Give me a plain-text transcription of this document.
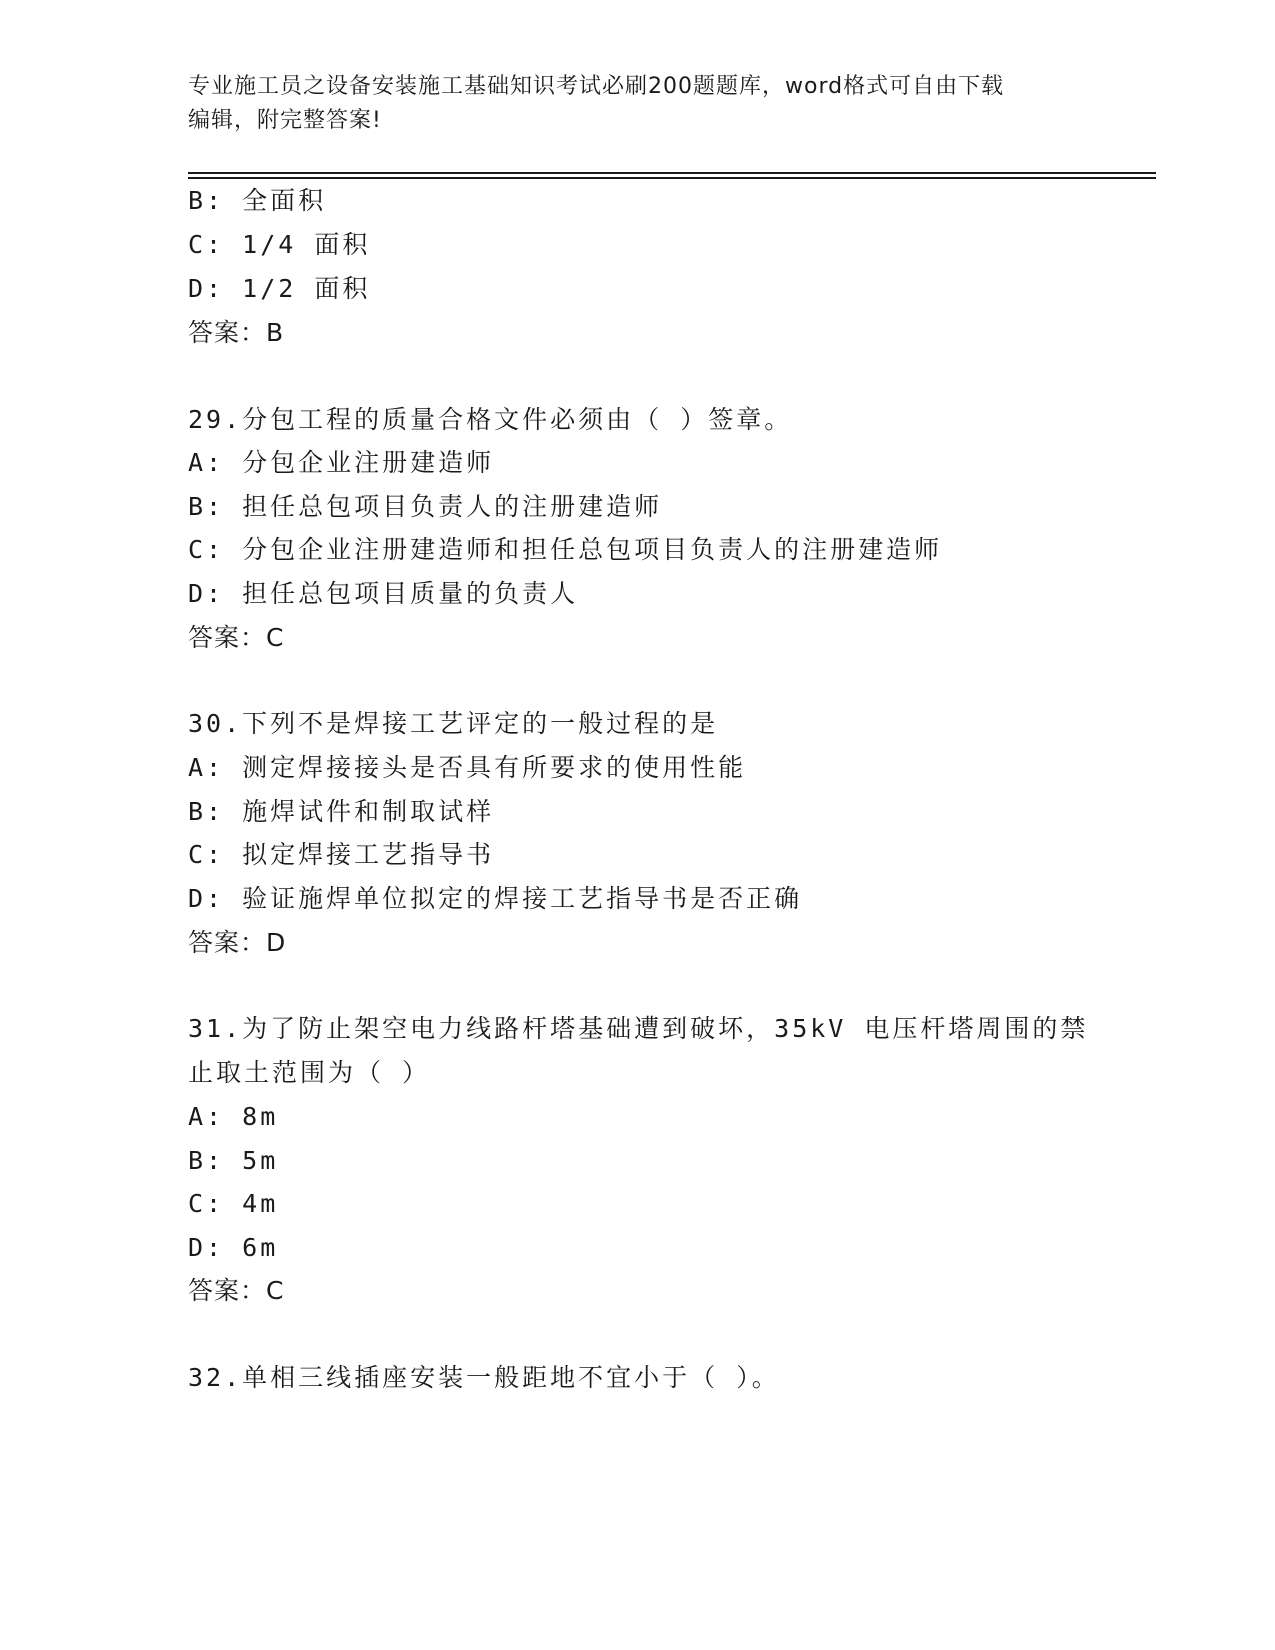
专业施工员之设备安装施工基础知识考试必刷200题题库，word格式可自由下载
编辑，附完整答案!
B: 全面积
C: 1/4 面积
D: 1/2 面积
答案：B
29.分包工程的质量合格文件必须由（ ）签章。
A: 分包企业注册建造师
B: 担任总包项目负责人的注册建造师
C: 分包企业注册建造师和担任总包项目负责人的注册建造师
D: 担任总包项目质量的负责人
答案：C
30.下列不是焊接工艺评定的一般过程的是
A: 测定焊接接头是否具有所要求的使用性能
B: 施焊试件和制取试样
C: 拟定焊接工艺指导书
D: 验证施焊单位拟定的焊接工艺指导书是否正确
答案：D
31.为了防止架空电力线路杆塔基础遭到破坏，35kV 电压杆塔周围的禁
止取土范围为（ ）
A: 8m
B: 5m
C: 4m
D: 6m
答案：C
32.单相三线插座安装一般距地不宜小于（ ）。
